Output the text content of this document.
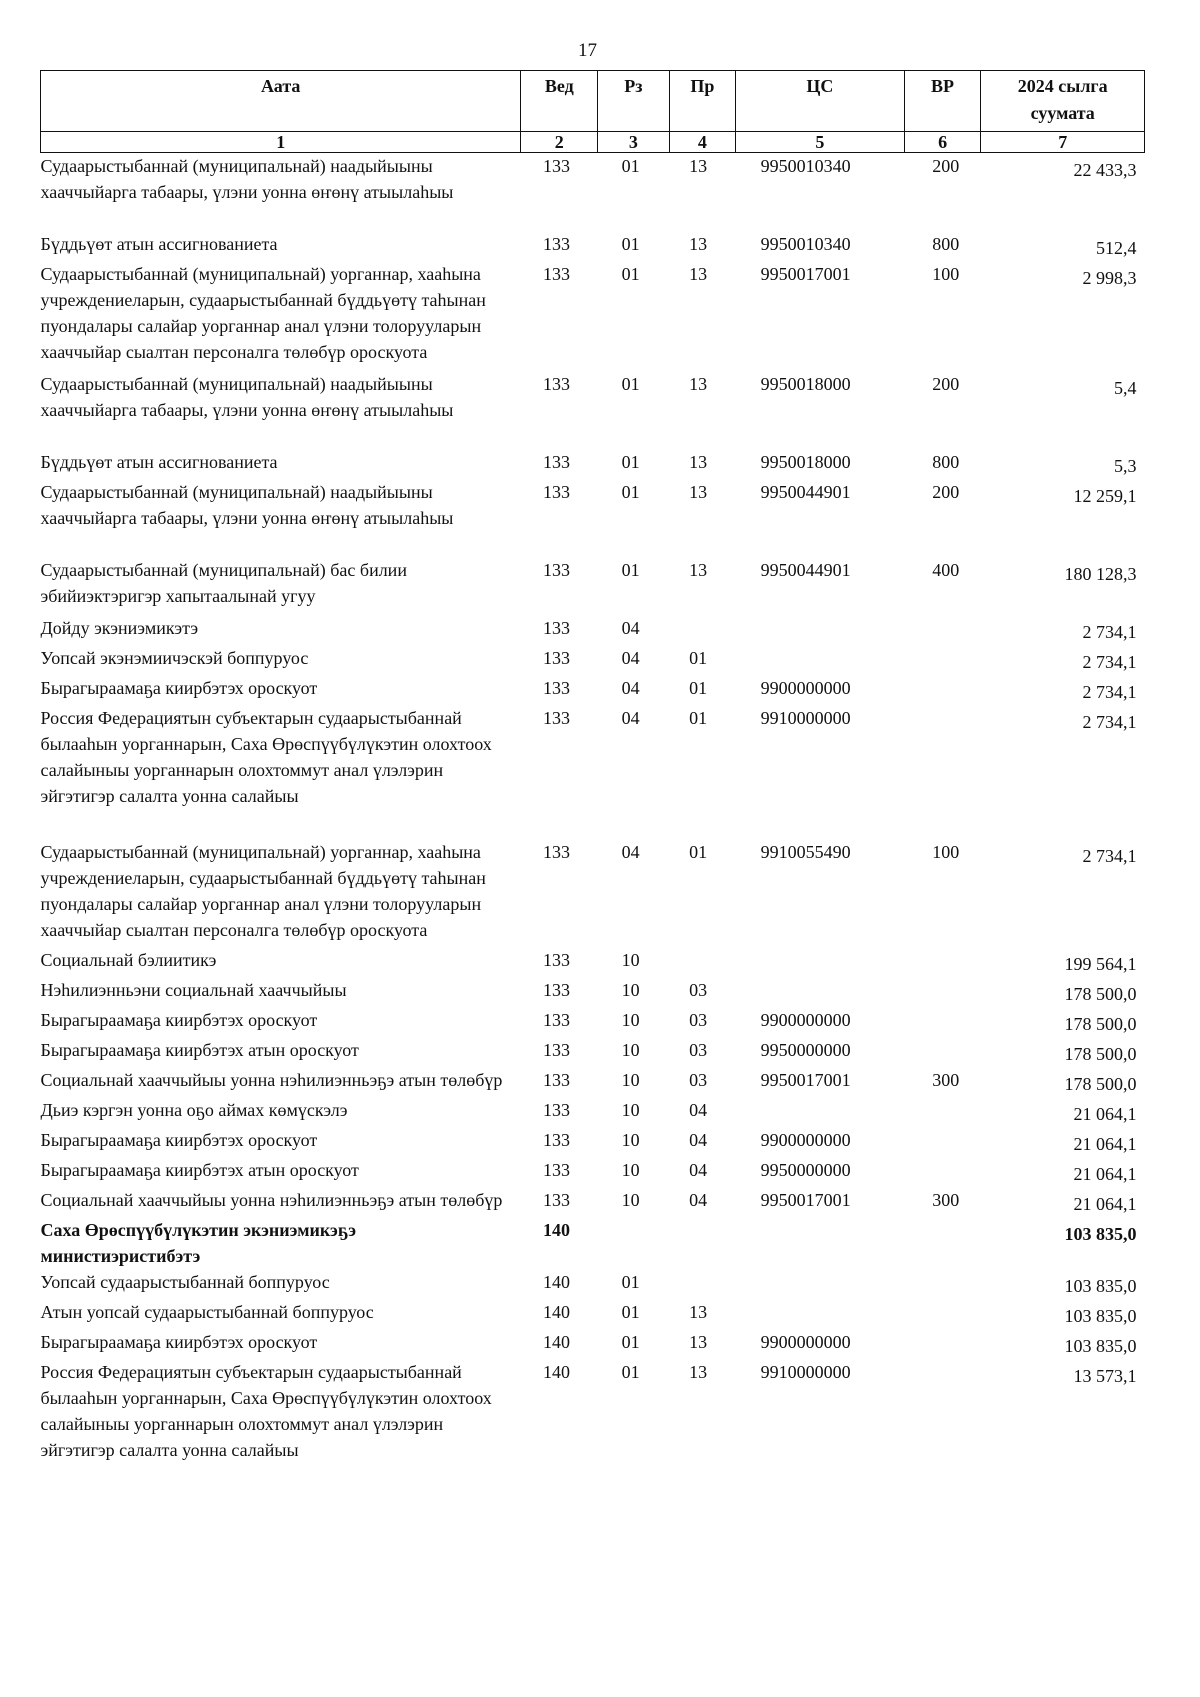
17
Аата	Вед	Рз	Пр	ЦС	ВР	2024 сылга суумата
1	2	3	4	5	6	7
Судаарыстыбаннай (муниципальнай) наадыйыыны хааччыйарга табаары, үлэни уонна өҥөнү атыылаһыы	133	01	13	9950010340	200	22 433,3
Бүддьүөт атын ассигнованиета	133	01	13	9950010340	800	512,4
Судаарыстыбаннай (муниципальнай) уорганнар, хааһына учреждениеларын, судаарыстыбаннай бүддьүөтү таһынан пуондалары салайар уорганнар анал үлэни толорууларын хааччыйар сыалтан персоналга төлөбүр ороскуота	133	01	13	9950017001	100	2 998,3
Судаарыстыбаннай (муниципальнай) наадыйыыны хааччыйарга табаары, үлэни уонна өҥөнү атыылаһыы	133	01	13	9950018000	200	5,4
Бүддьүөт атын ассигнованиета	133	01	13	9950018000	800	5,3
Судаарыстыбаннай (муниципальнай) наадыйыыны хааччыйарга табаары, үлэни уонна өҥөнү атыылаһыы	133	01	13	9950044901	200	12 259,1
Судаарыстыбаннай (муниципальнай) бас билии эбийиэктэригэр хапытаалынай угуу	133	01	13	9950044901	400	180 128,3
Дойду экэниэмикэтэ	133	04				2 734,1
Уопсай экэнэмиичэскэй боппуруос	133	04	01			2 734,1
Бырагыраамаҕа киирбэтэх ороскуот	133	04	01	9900000000		2 734,1
Россия Федерациятын субъектарын судаарыстыбаннай былааһын уорганнарын, Саха Өрөспүүбүлүкэтин олохтоох салайыныы уорганнарын олохтоммут анал үлэлэрин эйгэтигэр салалта уонна салайыы	133	04	01	9910000000		2 734,1
Судаарыстыбаннай (муниципальнай) уорганнар, хааһына учреждениеларын, судаарыстыбаннай бүддьүөтү таһынан пуондалары салайар уорганнар анал үлэни толорууларын хааччыйар сыалтан персоналга төлөбүр ороскуота	133	04	01	9910055490	100	2 734,1
Социальнай бэлиитикэ	133	10				199 564,1
Нэһилиэнньэни социальнай хааччыйыы	133	10	03			178 500,0
Бырагыраамаҕа киирбэтэх ороскуот	133	10	03	9900000000		178 500,0
Бырагыраамаҕа киирбэтэх атын ороскуот	133	10	03	9950000000		178 500,0
Социальнай хааччыйыы уонна нэһилиэнньэҕэ атын төлөбүр	133	10	03	9950017001	300	178 500,0
Дьиэ кэргэн уонна оҕо аймах көмүскэлэ	133	10	04			21 064,1
Бырагыраамаҕа киирбэтэх ороскуот	133	10	04	9900000000		21 064,1
Бырагыраамаҕа киирбэтэх атын ороскуот	133	10	04	9950000000		21 064,1
Социальнай хааччыйыы уонна нэһилиэнньэҕэ атын төлөбүр	133	10	04	9950017001	300	21 064,1
Саха Өрөспүүбүлүкэтин экэниэмикэҕэ министиэристибэтэ	140					103 835,0
Уопсай судаарыстыбаннай боппуруос	140	01				103 835,0
Атын уопсай судаарыстыбаннай боппуруос	140	01	13			103 835,0
Бырагыраамаҕа киирбэтэх ороскуот	140	01	13	9900000000		103 835,0
Россия Федерациятын субъектарын судаарыстыбаннай былааһын уорганнарын, Саха Өрөспүүбүлүкэтин олохтоох салайыныы уорганнарын олохтоммут анал үлэлэрин эйгэтигэр салалта уонна салайыы	140	01	13	9910000000		13 573,1
